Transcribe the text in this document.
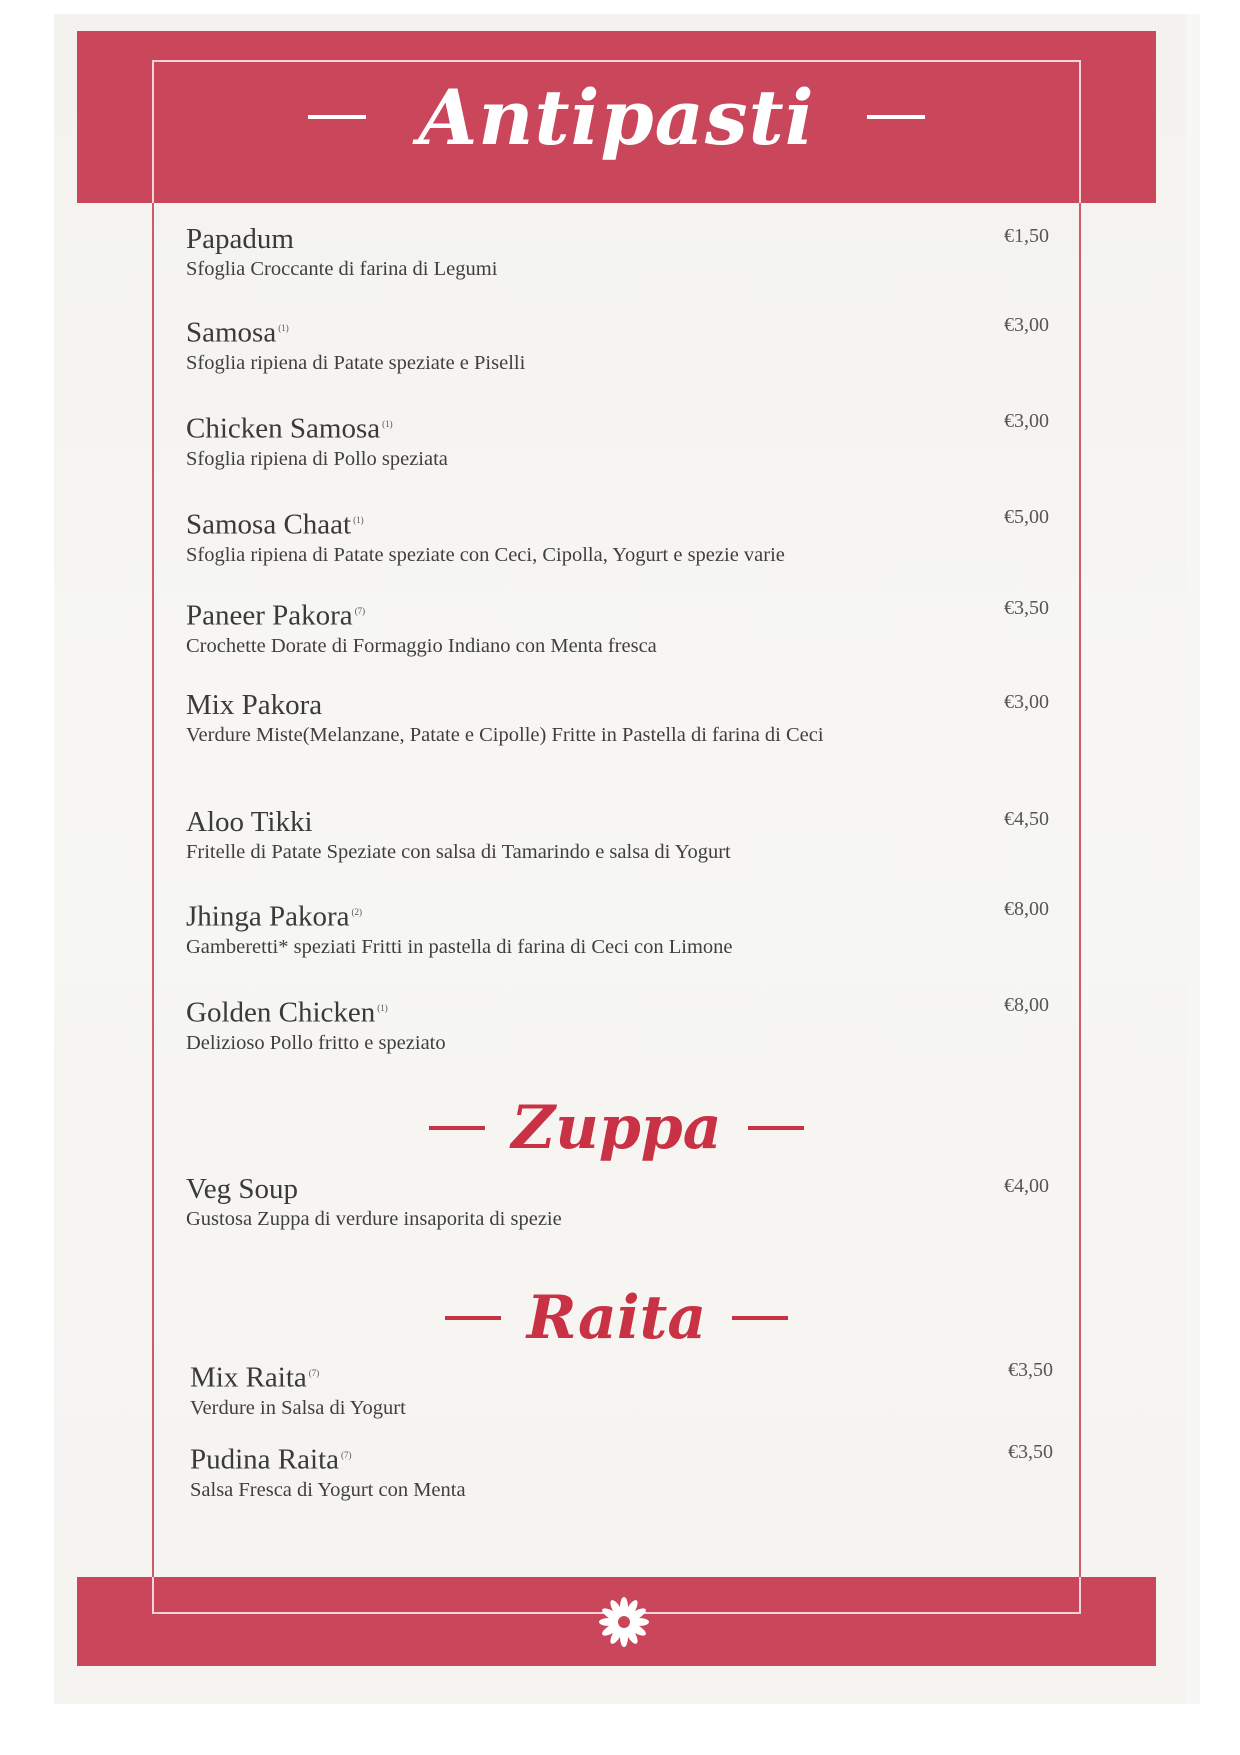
Antipasti
Papadum
Sfoglia Croccante di farina di Legumi
€1,50
Samosa $^{(1)}$
Sfoglia ripiena di Patate speziate e Piselli
€3,00
Chicken Samosa $^{(1)}$
Sfoglia ripiena di Pollo speziata
€3,00
Samosa Chaat $^{(1)}$
Sfoglia ripiena di Patate speziate con Ceci, Cipolla, Yogurt e spezie varie
€5,00
Paneer Pakora $^{(7)}$
Crochette Dorate di Formaggio Indiano con Menta fresca
€3,50
Mix Pakora
Verdure Miste(Melanzane, Patate e Cipolle) Fritte in Pastella di farina di Ceci
€3,00
Aloo Tikki
Fritelle di Patate Speziate con salsa di Tamarindo e salsa di Yogurt
€4,50
Jhinga Pakora $^{(2)}$
Gamberetti* speziati Fritti in pastella di farina di Ceci con Limone
€8,00
Golden Chicken $^{(1)}$
Delizioso Pollo fritto e speziato
€8,00
Zuppa
Veg Soup
Gustosa Zuppa di verdure insaporita di spezie
€4,00
Raita
Mix Raita $^{(7)}$
Verdure in Salsa di Yogurt
€3,50
Pudina Raita $^{(7)}$
Salsa Fresca di Yogurt con Menta
€3,50
